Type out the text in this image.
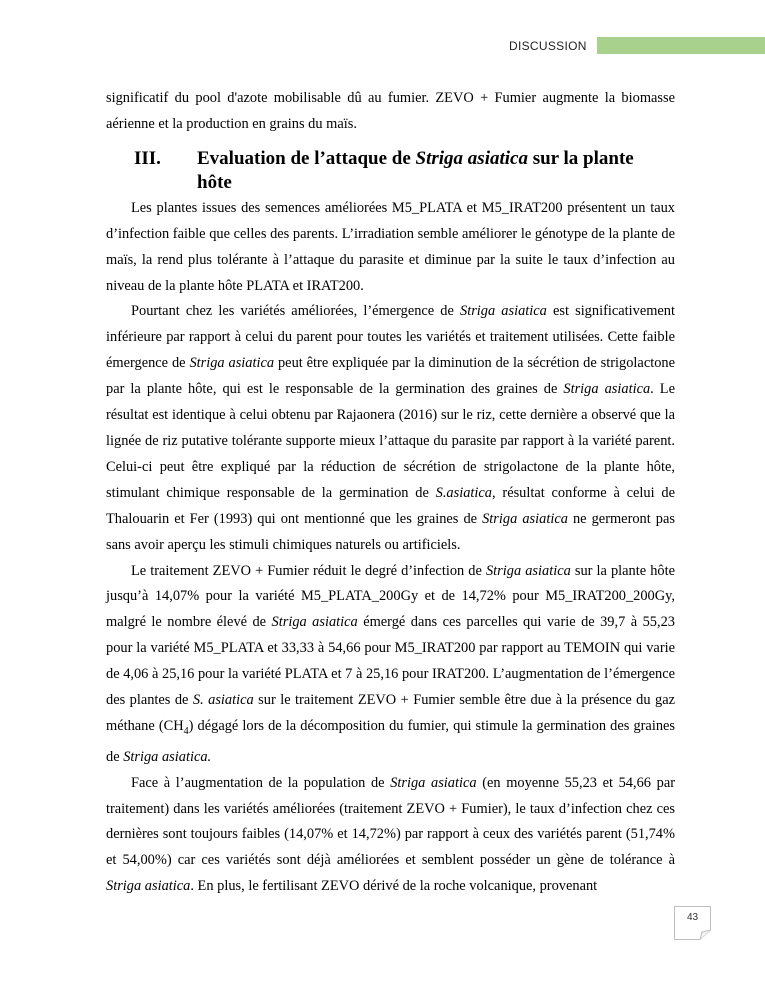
DISCUSSION

significatif du pool d'azote mobilisable dû au fumier. ZEVO + Fumier augmente la biomasse aérienne et la production en grains du maïs.

III. Evaluation de l’attaque de Striga asiatica sur la plante hôte

Les plantes issues des semences améliorées M5_PLATA et M5_IRAT200 présentent un taux d’infection faible que celles des parents. L’irradiation semble améliorer le génotype de la plante de maïs, la rend plus tolérante à l’attaque du parasite et diminue par la suite le taux d’infection au niveau de la plante hôte PLATA et IRAT200.

Pourtant chez les variétés améliorées, l’émergence de Striga asiatica est significativement inférieure par rapport à celui du parent pour toutes les variétés et traitement utilisées. Cette faible émergence de Striga asiatica peut être expliquée par la diminution de la sécrétion de strigolactone par la plante hôte, qui est le responsable de la germination des graines de Striga asiatica. Le résultat est identique à celui obtenu par Rajaonera (2016) sur le riz, cette dernière a observé que la lignée de riz putative tolérante supporte mieux l’attaque du parasite par rapport à la variété parent. Celui-ci peut être expliqué par la réduction de sécrétion de strigolactone de la plante hôte, stimulant chimique responsable de la germination de S.asiatica, résultat conforme à celui de Thalouarin et Fer (1993) qui ont mentionné que les graines de Striga asiatica ne germeront pas sans avoir aperçu les stimuli chimiques naturels ou artificiels.

Le traitement ZEVO + Fumier réduit le degré d’infection de Striga asiatica sur la plante hôte jusqu’à 14,07% pour la variété M5_PLATA_200Gy et de 14,72% pour M5_IRAT200_200Gy, malgré le nombre élevé de Striga asiatica émergé dans ces parcelles qui varie de 39,7 à 55,23 pour la variété M5_PLATA et 33,33 à 54,66 pour M5_IRAT200 par rapport au TEMOIN qui varie de 4,06 à 25,16 pour la variété PLATA et 7 à 25,16 pour IRAT200. L’augmentation de l’émergence des plantes de S. asiatica sur le traitement ZEVO + Fumier semble être due à la présence du gaz méthane $(CH_4)$ dégagé lors de la décomposition du fumier, qui stimule la germination des graines de Striga asiatica.

Face à l’augmentation de la population de Striga asiatica (en moyenne 55,23 et 54,66 par traitement) dans les variétés améliorées (traitement ZEVO + Fumier), le taux d’infection chez ces dernières sont toujours faibles (14,07% et 14,72%) par rapport à ceux des variétés parent (51,74% et 54,00%) car ces variétés sont déjà améliorées et semblent posséder un gène de tolérance à Striga asiatica. En plus, le fertilisant ZEVO dérivé de la roche volcanique, provenant

43
